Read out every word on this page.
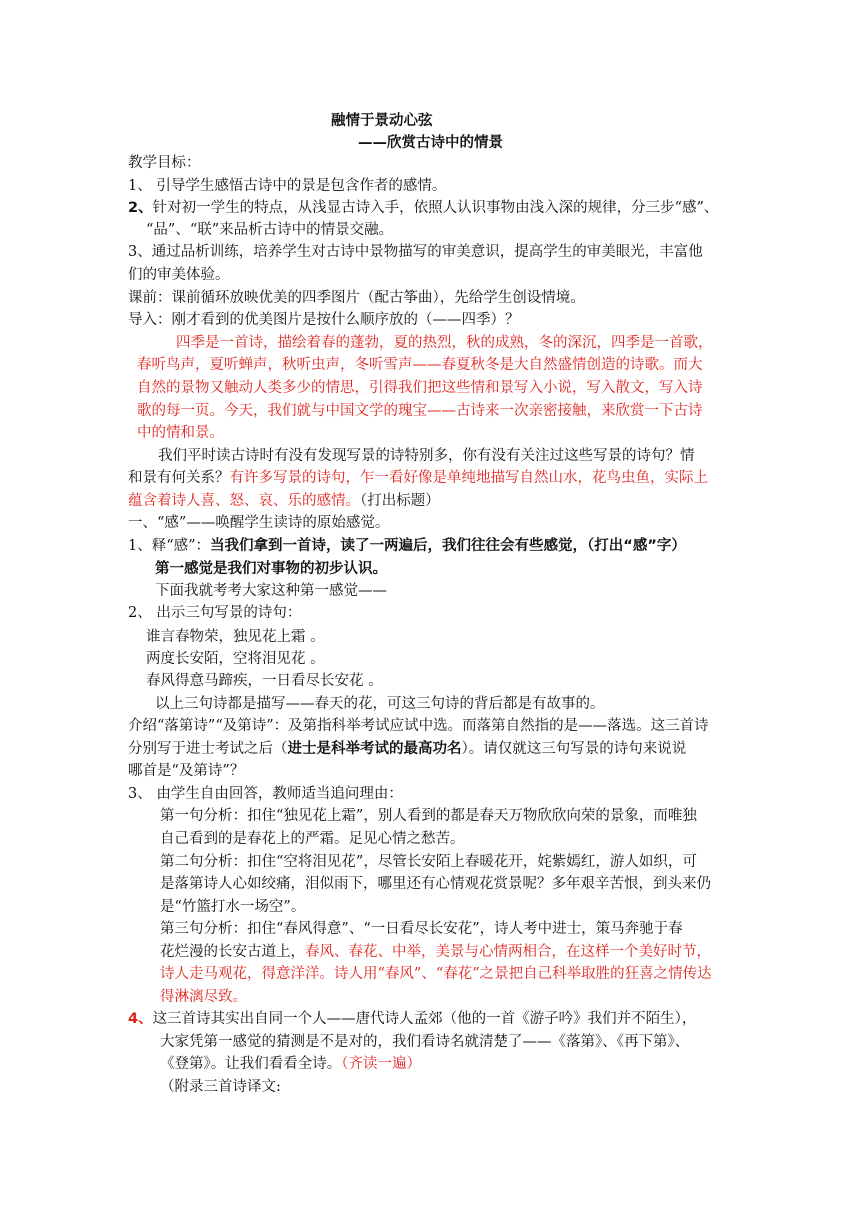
融情于景动心弦
——欣赏古诗中的情景
教学目标：
1、 引导学生感悟古诗中的景是包含作者的感情。
2、针对初一学生的特点，从浅显古诗入手，依照人认识事物由浅入深的规律，分三步“感”、
“品”、“联”来品析古诗中的情景交融。
3、通过品析训练，培养学生对古诗中景物描写的审美意识，提高学生的审美眼光，丰富他
们的审美体验。
课前：课前循环放映优美的四季图片（配古筝曲），先给学生创设情境。
导入：刚才看到的优美图片是按什么顺序放的（——四季）？
四季是一首诗，描绘着春的蓬勃，夏的热烈，秋的成熟，冬的深沉，四季是一首歌，
春听鸟声，夏听蝉声，秋听虫声，冬听雪声——春夏秋冬是大自然盛情创造的诗歌。而大
自然的景物又触动人类多少的情思，引得我们把这些情和景写入小说，写入散文，写入诗
歌的每一页。今天，我们就与中国文学的瑰宝——古诗来一次亲密接触，来欣赏一下古诗
中的情和景。
我们平时读古诗时有没有发现写景的诗特别多，你有没有关注过这些写景的诗句？情
和景有何关系？有许多写景的诗句，乍一看好像是单纯地描写自然山水，花鸟虫鱼，实际上
蕴含着诗人喜、怒、哀、乐的感情。（打出标题）
一、“感”——唤醒学生读诗的原始感觉。
1、释“感”：当我们拿到一首诗，读了一两遍后，我们往往会有些感觉，（打出“感”字）
第一感觉是我们对事物的初步认识。
下面我就考考大家这种第一感觉——
2、 出示三句写景的诗句：
谁言春物荣，独见花上霜 。
两度长安陌，空将泪见花 。
春风得意马蹄疾，一日看尽长安花 。
以上三句诗都是描写——春天的花，可这三句诗的背后都是有故事的。
介绍“落第诗”“及第诗”：及第指科举考试应试中选。而落第自然指的是——落选。这三首诗
分别写于进士考试之后（进士是科举考试的最高功名）。请仅就这三句写景的诗句来说说
哪首是“及第诗”？
3、 由学生自由回答，教师适当追问理由：
第一句分析：扣住“独见花上霜”，别人看到的都是春天万物欣欣向荣的景象，而唯独
自己看到的是春花上的严霜。足见心情之愁苦。
第二句分析：扣住“空将泪见花”，尽管长安陌上春暖花开，姹紫嫣红，游人如织，可
是落第诗人心如绞痛，泪似雨下，哪里还有心情观花赏景呢？多年艰辛苦恨，到头来仍
是“竹篮打水一场空”。
第三句分析：扣住“春风得意”、“一日看尽长安花”，诗人考中进士，策马奔驰于春
花烂漫的长安古道上，春风、春花、中举，美景与心情两相合，在这样一个美好时节，
诗人走马观花，得意洋洋。诗人用“春风”、“春花”之景把自己科举取胜的狂喜之情传达
得淋漓尽致。
4、这三首诗其实出自同一个人——唐代诗人孟郊（他的一首《游子吟》我们并不陌生），
大家凭第一感觉的猜测是不是对的，我们看诗名就清楚了——《落第》、《再下第》、
《登第》。让我们看看全诗。（齐读一遍）
（附录三首诗译文:
